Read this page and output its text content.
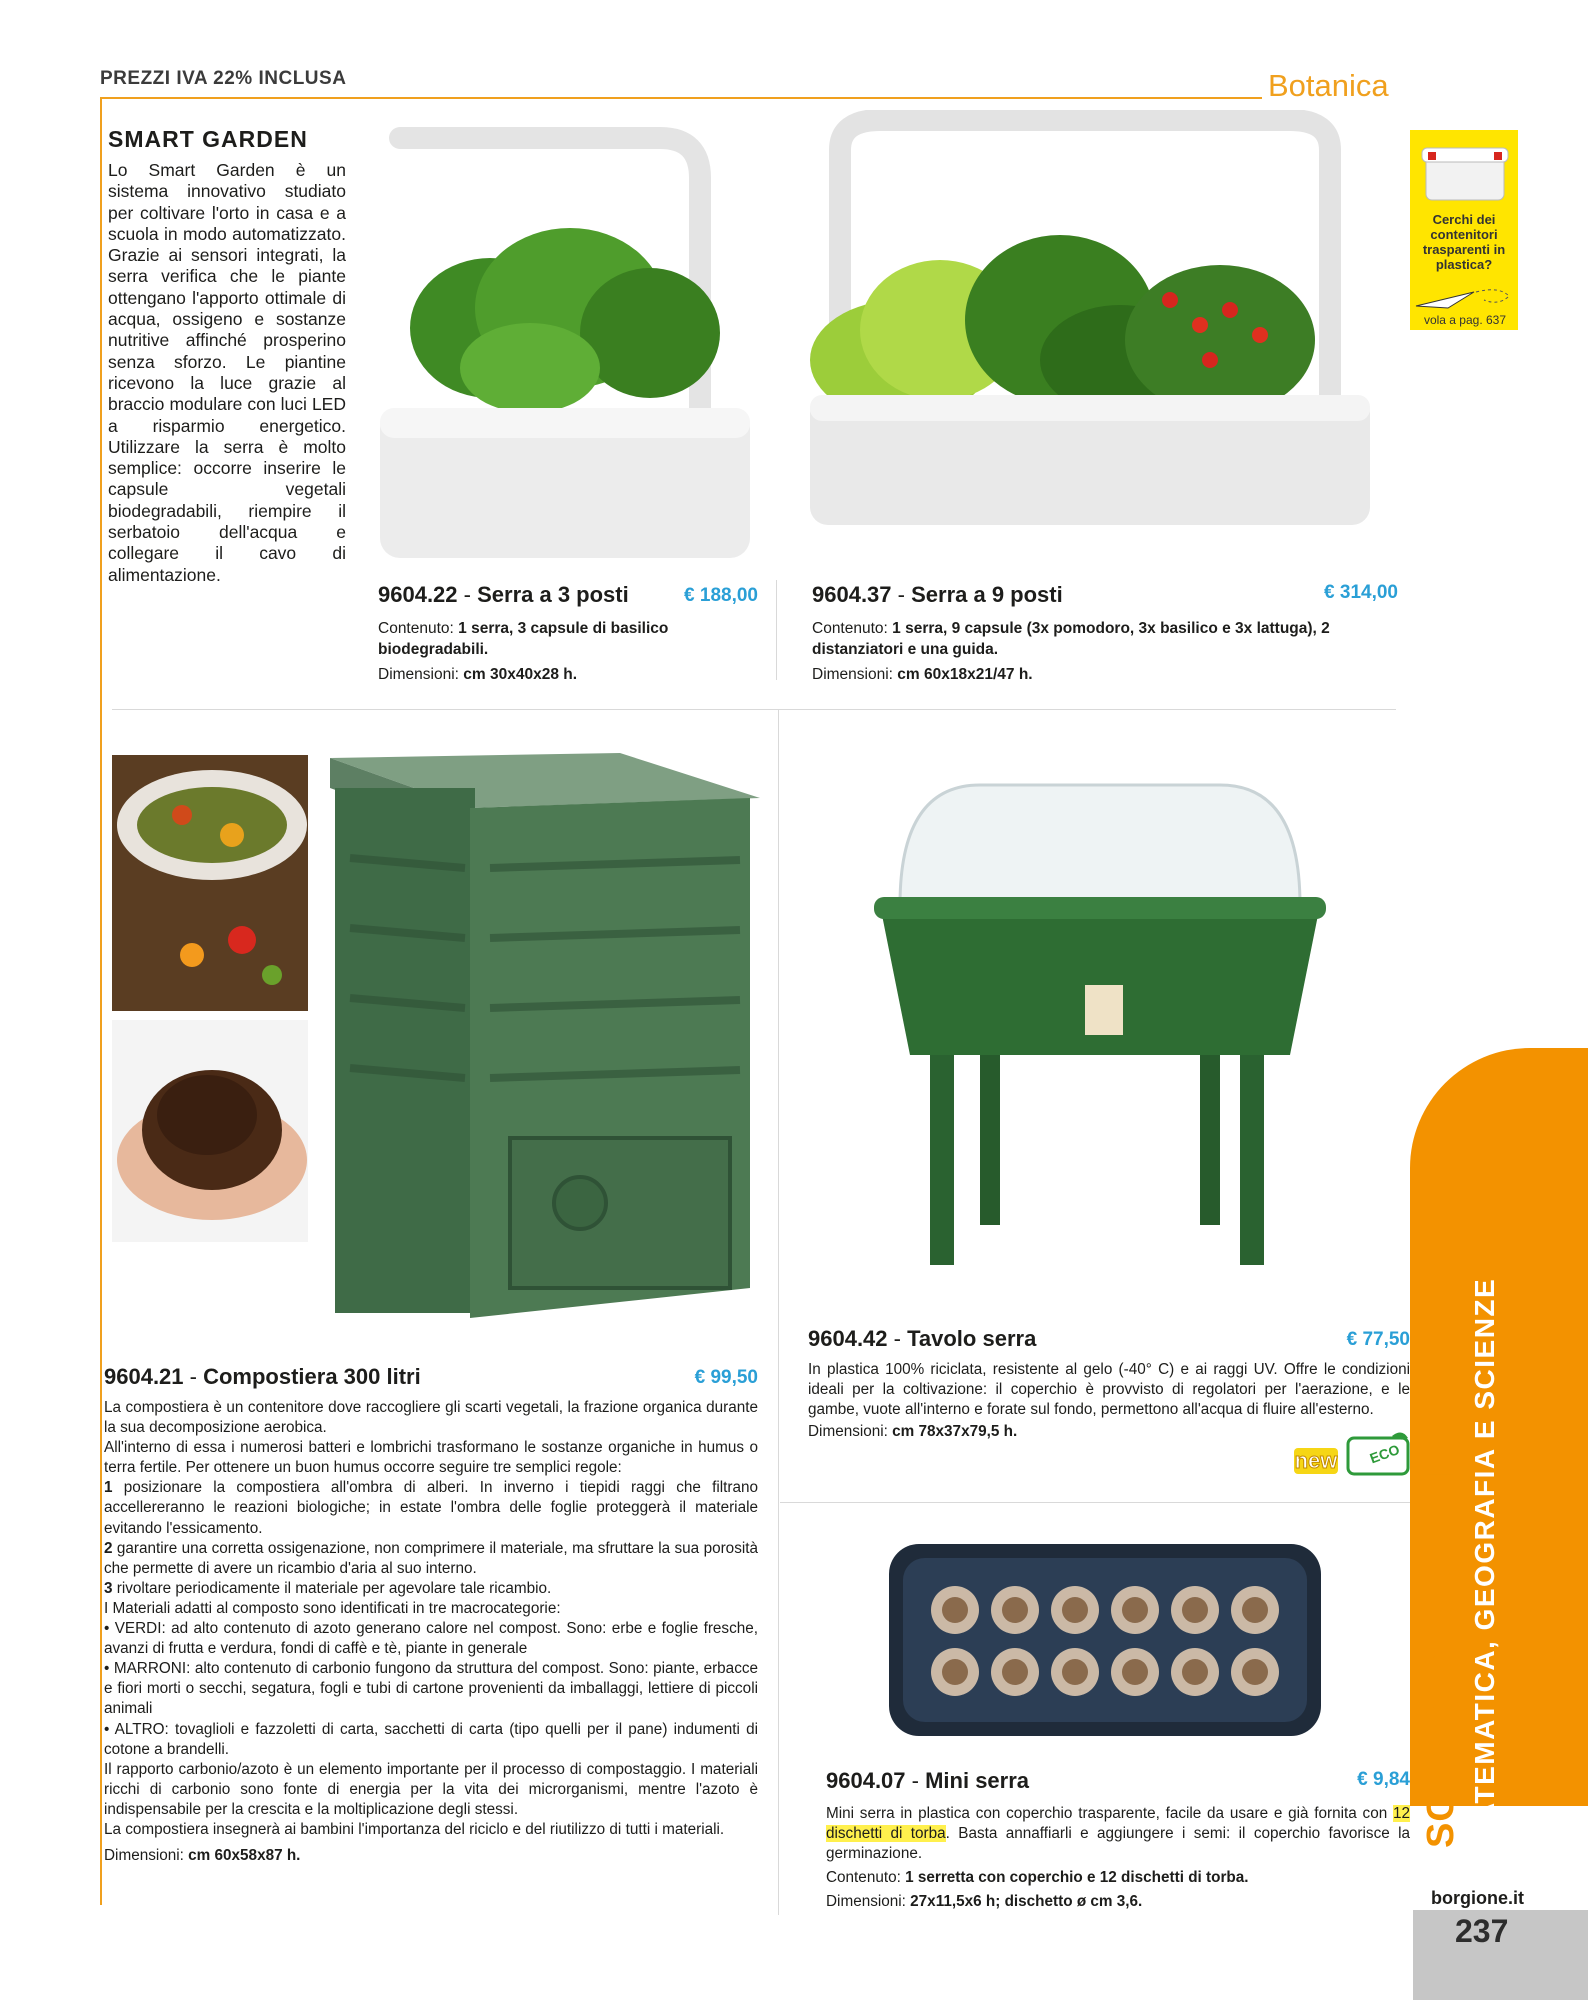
PREZZI IVA 22% INCLUSA	Botanica
SMART GARDEN
Lo Smart Garden è un sistema innovativo studiato per coltivare l'orto in casa e a scuola in modo automatizzato. Grazie ai sensori integrati, la serra verifica che le piante ottengano l'apporto ottimale di acqua, ossigeno e sostanze nutritive affinché prosperino senza sforzo. Le piantine ricevono la luce grazie al braccio modulare con luci LED a risparmio energetico. Utilizzare la serra è molto semplice: occorre inserire le capsule vegetali biodegradabili, riempire il serbatoio dell'acqua e collegare il cavo di alimentazione.
Cerchi dei contenitori trasparenti in plastica?
vola a pag. 637
9604.22 - Serra a 3 posti	€ 188,00
Contenuto: 1 serra, 3 capsule di basilico biodegradabili.
Dimensioni: cm 30x40x28 h.
9604.37 - Serra a 9 posti	€ 314,00
Contenuto: 1 serra, 9 capsule (3x pomodoro, 3x basilico e 3x lattuga), 2 distanziatori e una guida.
Dimensioni: cm 60x18x21/47 h.
9604.21 - Compostiera 300 litri	€ 99,50
La compostiera è un contenitore dove raccogliere gli scarti vegetali, la frazione organica durante la sua decomposizione aerobica.
All'interno di essa i numerosi batteri e lombrichi trasformano le sostanze organiche in humus o terra fertile. Per ottenere un buon humus occorre seguire tre semplici regole:
1 posizionare la compostiera all'ombra di alberi. In inverno i tiepidi raggi che filtrano accellereranno le reazioni biologiche; in estate l'ombra delle foglie proteggerà il materiale evitando l'essicamento.
2 garantire una corretta ossigenazione, non comprimere il materiale, ma sfruttare la sua porosità che permette di avere un ricambio d'aria al suo interno.
3 rivoltare periodicamente il materiale per agevolare tale ricambio.
I Materiali adatti al composto sono identificati in tre macrocategorie:
• VERDI: ad alto contenuto di azoto generano calore nel compost. Sono: erbe e foglie fresche, avanzi di frutta e verdura, fondi di caffè e tè, piante in generale
• MARRONI: alto contenuto di carbonio fungono da struttura del compost. Sono: piante, erbacce e fiori morti o secchi, segatura, fogli e tubi di cartone provenienti da imballaggi, lettiere di piccoli animali
• ALTRO: tovaglioli e fazzoletti di carta, sacchetti di carta (tipo quelli per il pane) indumenti di cotone a brandelli.
Il rapporto carbonio/azoto è un elemento importante per il processo di compostaggio. I materiali ricchi di carbonio sono fonte di energia per la vita dei microrganismi, mentre l'azoto è indispensabile per la crescita e la moltiplicazione degli stessi.
La compostiera insegnerà ai bambini l'importanza del riciclo e del riutilizzo di tutti i materiali.
Dimensioni: cm 60x58x87 h.
9604.42 - Tavolo serra	€ 77,50
In plastica 100% riciclata, resistente al gelo (-40° C) e ai raggi UV. Offre le condizioni ideali per la coltivazione: il coperchio è provvisto di regolatori per l'aerazione, e le gambe, vuote all'interno e forate sul fondo, permettono all'acqua di fluire all'esterno.
Dimensioni: cm 78x37x79,5 h.
new ECO
9604.07 - Mini serra	€ 9,84
Mini serra in plastica con coperchio trasparente, facile da usare e già fornita con 12 dischetti di torba. Basta annaffiarli e aggiungere i semi: il coperchio favorisce la germinazione.
Contenuto: 1 serretta con coperchio e 12 dischetti di torba.
Dimensioni: 27x11,5x6 h; dischetto ø cm 3,6.
SCIENZE NATURALI MATEMATICA, GEOGRAFIA E SCIENZE
borgione.it
237
